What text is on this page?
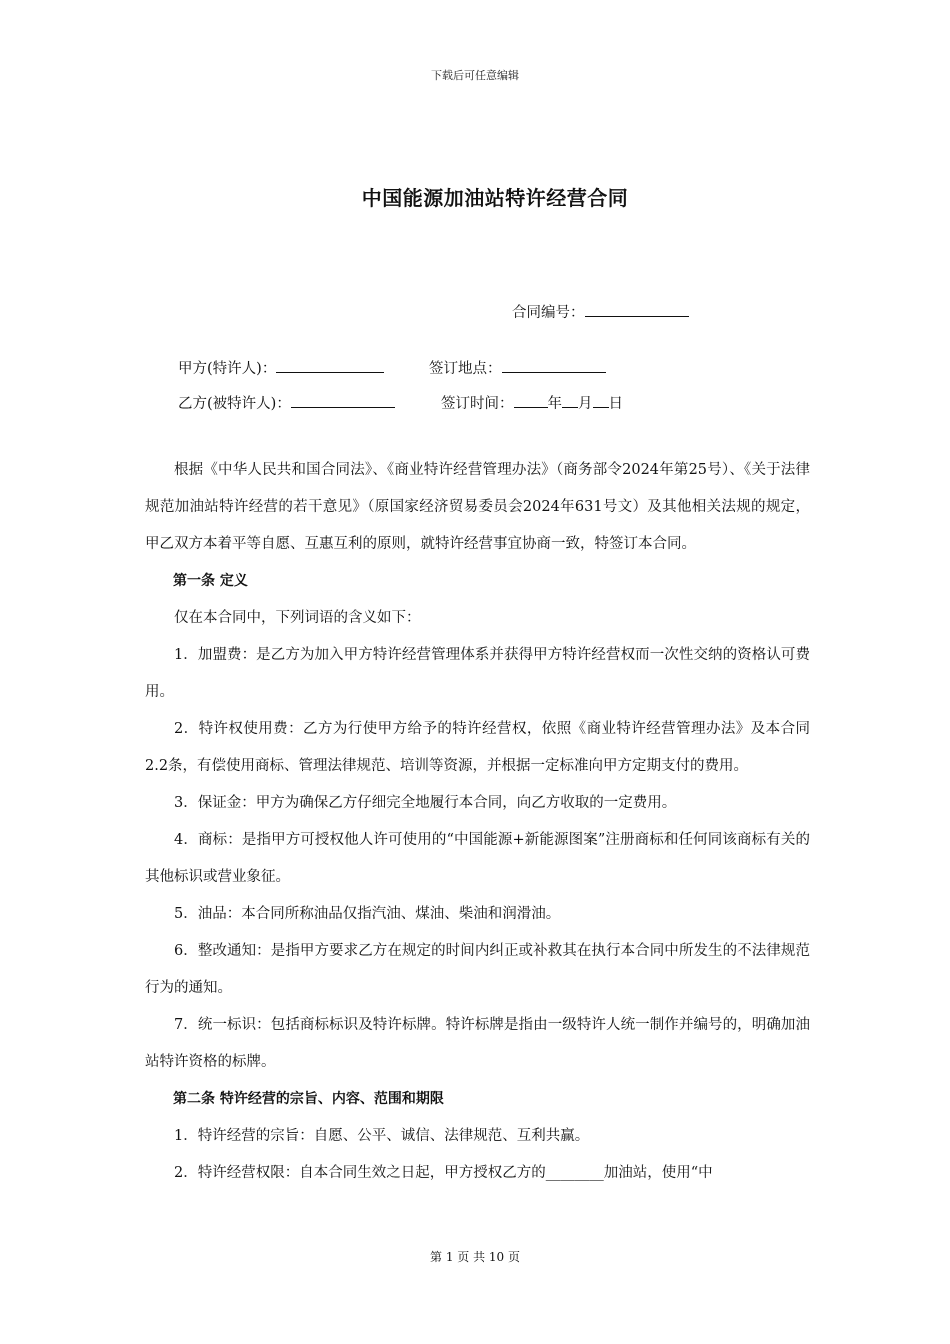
下载后可任意编辑
中国能源加油站特许经营合同
合同编号：
甲方(特许人)：	签订地点：
乙方(被特许人)：	签订时间： 年 月 日

根据《中华人民共和国合同法》、《商业特许经营管理办法》（商务部令2024年第25号）、《关于法律规范加油站特许经营的若干意见》（原国家经济贸易委员会2024年631号文）及其他相关法规的规定，甲乙双方本着平等自愿、互惠互利的原则，就特许经营事宜协商一致，特签订本合同。

第一条 定义

仅在本合同中，下列词语的含义如下：

1．加盟费：是乙方为加入甲方特许经营管理体系并获得甲方特许经营权而一次性交纳的资格认可费用。

2．特许权使用费：乙方为行使甲方给予的特许经营权，依照《商业特许经营管理办法》及本合同2.2条，有偿使用商标、管理法律规范、培训等资源，并根据一定标准向甲方定期支付的费用。

3．保证金：甲方为确保乙方仔细完全地履行本合同，向乙方收取的一定费用。

4．商标：是指甲方可授权他人许可使用的“中国能源+新能源图案”注册商标和任何同该商标有关的其他标识或营业象征。

5．油品：本合同所称油品仅指汽油、煤油、柴油和润滑油。

6．整改通知：是指甲方要求乙方在规定的时间内纠正或补救其在执行本合同中所发生的不法律规范行为的通知。

7．统一标识：包括商标标识及特许标牌。特许标牌是指由一级特许人统一制作并编号的，明确加油站特许资格的标牌。

第二条 特许经营的宗旨、内容、范围和期限

1．特许经营的宗旨：自愿、公平、诚信、法律规范、互利共赢。

2．特许经营权限：自本合同生效之日起，甲方授权乙方的________加油站，使用“中

第 1 页 共 10 页
